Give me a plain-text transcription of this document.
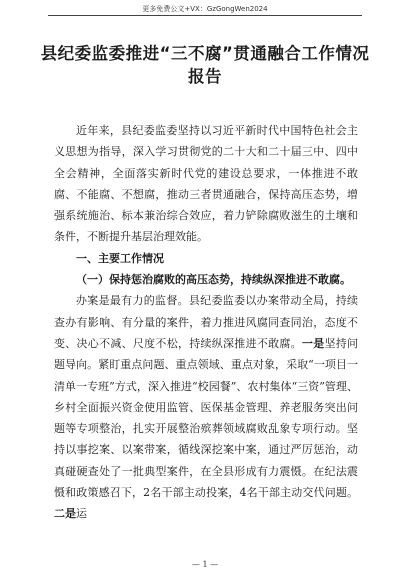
更多免费公文+VX：GzGongWen2024
县纪委监委推进“三不腐”贯通融合工作情况报告

近年来，县纪委监委坚持以习近平新时代中国特色社会主义思想为指导，深入学习贯彻党的二十大和二十届三中、四中全会精神，全面落实新时代党的建设总要求，一体推进不敢腐、不能腐、不想腐，推动三者贯通融合，保持高压态势，增强系统施治、标本兼治综合效应，着力铲除腐败滋生的土壤和条件，不断提升基层治理效能。

一、主要工作情况

（一）保持惩治腐败的高压态势，持续纵深推进不敢腐。

办案是最有力的监督。县纪委监委以办案带动全局，持续查办有影响、有分量的案件，着力推进风腐同查同治，态度不变、决心不减、尺度不松，持续纵深推进不敢腐。一是坚持问题导向。紧盯重点问题、重点领域、重点对象，采取“一项目一清单一专班”方式，深入推进“校园餐”、农村集体“三资”管理、乡村全面振兴资金使用监管、医保基金管理、养老服务突出问题等专项整治，扎实开展整治殡葬领域腐败乱象专项行动。坚持以事挖案、以案带案，循线深挖案中案，通过严厉惩治，动真碰硬查处了一批典型案件，在全县形成有力震慑。在纪法震慑和政策感召下，2名干部主动投案，4名干部主动交代问题。二是运

— 1 —
